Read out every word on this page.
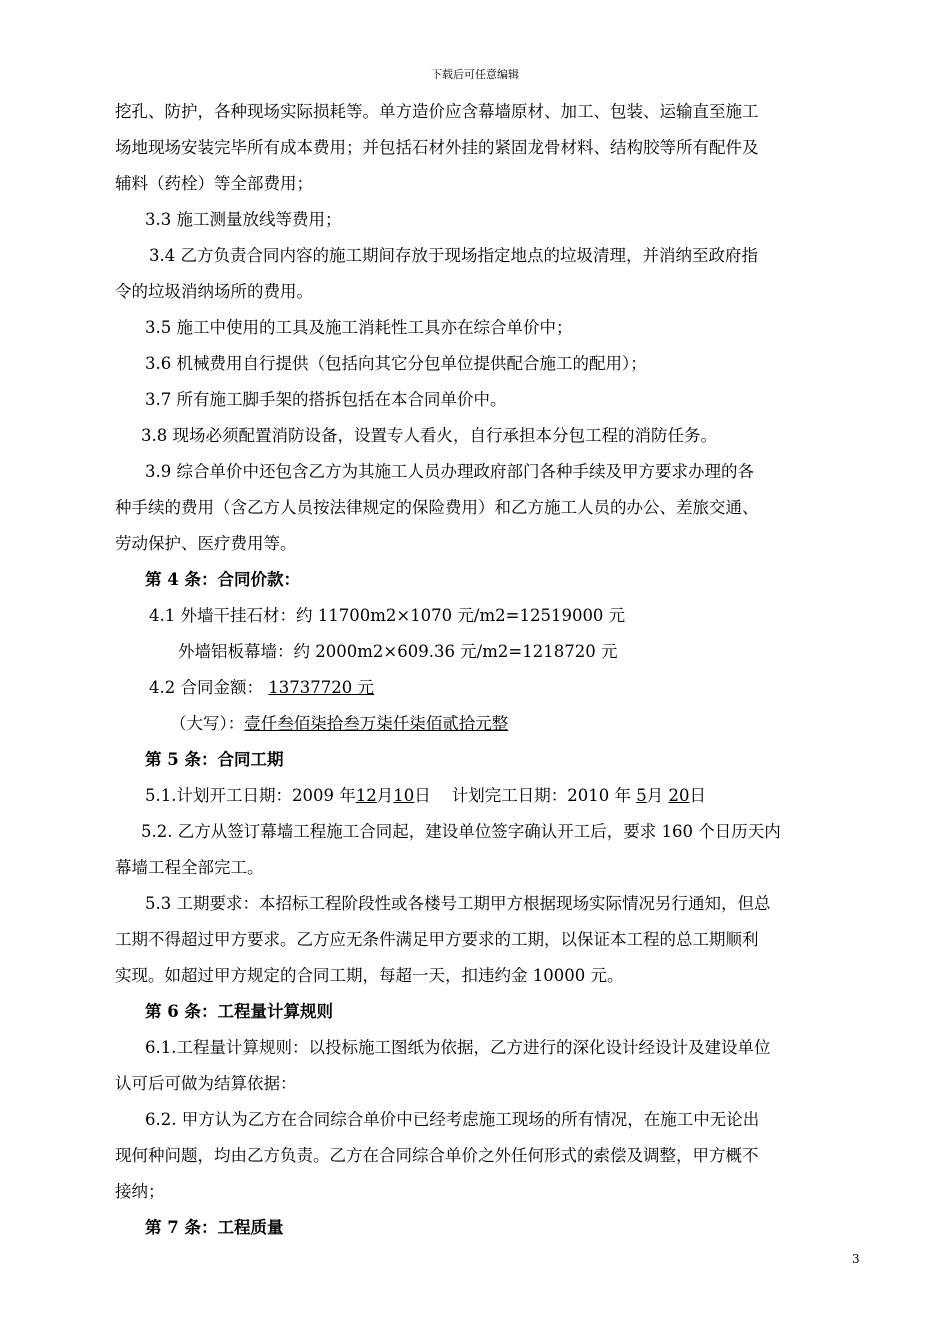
下载后可任意编辑
挖孔、防护，各种现场实际损耗等。单方造价应含幕墙原材、加工、包装、运输直至施工
场地现场安装完毕所有成本费用；并包括石材外挂的紧固龙骨材料、结构胶等所有配件及
辅料（药栓）等全部费用；
3.3 施工测量放线等费用；
3.4 乙方负责合同内容的施工期间存放于现场指定地点的垃圾清理，并消纳至政府指
令的垃圾消纳场所的费用。
3.5 施工中使用的工具及施工消耗性工具亦在综合单价中；
3.6 机械费用自行提供（包括向其它分包单位提供配合施工的配用）；
3.7 所有施工脚手架的搭拆包括在本合同单价中。
3.8 现场必须配置消防设备，设置专人看火，自行承担本分包工程的消防任务。
3.9 综合单价中还包含乙方为其施工人员办理政府部门各种手续及甲方要求办理的各
种手续的费用（含乙方人员按法律规定的保险费用）和乙方施工人员的办公、差旅交通、
劳动保护、医疗费用等。
第 4 条：合同价款：
4.1 外墙干挂石材：约 11700m2×1070 元/m2=12519000 元
外墙铝板幕墙：约 2000m2×609.36 元/m2=1218720 元
4.2 合同金额： 13737720 元
（大写）：壹仟叁佰柒拾叁万柒仟柒佰贰拾元整
第 5 条：合同工期
5.1.计划开工日期：2009 年12月10日    计划完工日期：2010 年 5月 20日
5.2. 乙方从签订幕墙工程施工合同起，建设单位签字确认开工后，要求 160 个日历天内
幕墙工程全部完工。
5.3 工期要求：本招标工程阶段性或各楼号工期甲方根据现场实际情况另行通知，但总
工期不得超过甲方要求。乙方应无条件满足甲方要求的工期，以保证本工程的总工期顺利
实现。如超过甲方规定的合同工期，每超一天，扣违约金 10000 元。
第 6 条：工程量计算规则
6.1.工程量计算规则：以投标施工图纸为依据，乙方进行的深化设计经设计及建设单位
认可后可做为结算依据：
6.2. 甲方认为乙方在合同综合单价中已经考虑施工现场的所有情况，在施工中无论出
现何种问题，均由乙方负责。乙方在合同综合单价之外任何形式的索偿及调整，甲方概不
接纳；
第 7 条：工程质量
3
